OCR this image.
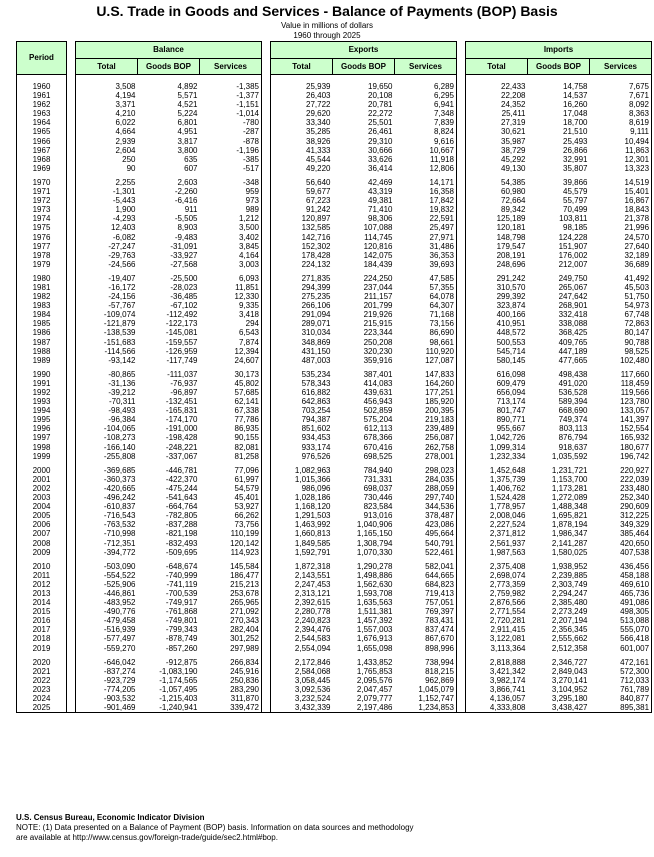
U.S. Trade in Goods and Services - Balance of Payments (BOP) Basis
Value in millions of dollars
1960 through 2025
Period		Balance				Exports				Imports		
		Total	Goods BOP	Services		Total	Goods BOP	Services		Total	Goods BOP	Services

1960		3,508	4,892	-1,385		25,939	19,650	6,289		22,433	14,758	7,675
1961		4,194	5,571	-1,377		26,403	20,108	6,295		22,208	14,537	7,671
1962		3,371	4,521	-1,151		27,722	20,781	6,941		24,352	16,260	8,092
1963		4,210	5,224	-1,014		29,620	22,272	7,348		25,411	17,048	8,363
1964		6,022	6,801	-780		33,340	25,501	7,839		27,319	18,700	8,619
1965		4,664	4,951	-287		35,285	26,461	8,824		30,621	21,510	9,111
1966		2,939	3,817	-878		38,926	29,310	9,616		35,987	25,493	10,494
1967		2,604	3,800	-1,196		41,333	30,666	10,667		38,729	26,866	11,863
1968		250	635	-385		45,544	33,626	11,918		45,292	32,991	12,301
1969		90	607	-517		49,220	36,414	12,806		49,130	35,807	13,323

1970		2,255	2,603	-348		56,640	42,469	14,171		54,385	39,866	14,519
1971		-1,301	-2,260	959		59,677	43,319	16,358		60,980	45,579	15,401
1972		-5,443	-6,416	973		67,223	49,381	17,842		72,664	55,797	16,867
1973		1,900	911	989		91,242	71,410	19,832		89,342	70,499	18,843
1974		-4,293	-5,505	1,212		120,897	98,306	22,591		125,189	103,811	21,378
1975		12,403	8,903	3,500		132,585	107,088	25,497		120,181	98,185	21,996
1976		-6,082	-9,483	3,402		142,716	114,745	27,971		148,798	124,228	24,570
1977		-27,247	-31,091	3,845		152,302	120,816	31,486		179,547	151,907	27,640
1978		-29,763	-33,927	4,164		178,428	142,075	36,353		208,191	176,002	32,189
1979		-24,566	-27,568	3,003		224,132	184,439	39,693		248,696	212,007	36,689

1980		-19,407	-25,500	6,093		271,835	224,250	47,585		291,242	249,750	41,492
1981		-16,172	-28,023	11,851		294,399	237,044	57,355		310,570	265,067	45,503
1982		-24,156	-36,485	12,330		275,235	211,157	64,078		299,392	247,642	51,750
1983		-57,767	-67,102	9,335		266,106	201,799	64,307		323,874	268,901	54,973
1984		-109,074	-112,492	3,418		291,094	219,926	71,168		400,166	332,418	67,748
1985		-121,879	-122,173	294		289,071	215,915	73,156		410,951	338,088	72,863
1986		-138,539	-145,081	6,543		310,034	223,344	86,690		448,572	368,425	80,147
1987		-151,683	-159,557	7,874		348,869	250,208	98,661		500,553	409,765	90,788
1988		-114,566	-126,959	12,394		431,150	320,230	110,920		545,714	447,189	98,525
1989		-93,142	-117,749	24,607		487,003	359,916	127,087		580,145	477,665	102,480

1990		-80,865	-111,037	30,173		535,234	387,401	147,833		616,098	498,438	117,660
1991		-31,136	-76,937	45,802		578,343	414,083	164,260		609,479	491,020	118,459
1992		-39,212	-96,897	57,685		616,882	439,631	177,251		656,094	536,528	119,566
1993		-70,311	-132,451	62,141		642,863	456,943	185,920		713,174	589,394	123,780
1994		-98,493	-165,831	67,338		703,254	502,859	200,395		801,747	668,690	133,057
1995		-96,384	-174,170	77,786		794,387	575,204	219,183		890,771	749,374	141,397
1996		-104,065	-191,000	86,935		851,602	612,113	239,489		955,667	803,113	152,554
1997		-108,273	-198,428	90,155		934,453	678,366	256,087		1,042,726	876,794	165,932
1998		-166,140	-248,221	82,081		933,174	670,416	262,758		1,099,314	918,637	180,677
1999		-255,808	-337,067	81,258		976,526	698,525	278,001		1,232,334	1,035,592	196,742

2000		-369,685	-446,781	77,096		1,082,963	784,940	298,023		1,452,648	1,231,721	220,927
2001		-360,373	-422,370	61,997		1,015,366	731,331	284,035		1,375,739	1,153,700	222,039
2002		-420,665	-475,244	54,579		986,096	698,037	288,059		1,406,762	1,173,281	233,480
2003		-496,242	-541,643	45,401		1,028,186	730,446	297,740		1,524,428	1,272,089	252,340
2004		-610,837	-664,764	53,927		1,168,120	823,584	344,536		1,778,957	1,488,348	290,609
2005		-716,543	-782,805	66,262		1,291,503	913,016	378,487		2,008,046	1,695,821	312,225
2006		-763,532	-837,288	73,756		1,463,992	1,040,906	423,086		2,227,524	1,878,194	349,329
2007		-710,998	-821,198	110,199		1,660,813	1,165,150	495,664		2,371,812	1,986,347	385,464
2008		-712,351	-832,493	120,142		1,849,585	1,308,794	540,791		2,561,937	2,141,287	420,650
2009		-394,772	-509,695	114,923		1,592,791	1,070,330	522,461		1,987,563	1,580,025	407,538

2010		-503,090	-648,674	145,584		1,872,318	1,290,278	582,041		2,375,408	1,938,952	436,456
2011		-554,522	-740,999	186,477		2,143,551	1,498,886	644,665		2,698,074	2,239,885	458,188
2012		-525,906	-741,119	215,213		2,247,453	1,562,630	684,823		2,773,359	2,303,749	469,610
2013		-446,861	-700,539	253,678		2,313,121	1,593,708	719,413		2,759,982	2,294,247	465,736
2014		-483,952	-749,917	265,965		2,392,615	1,635,563	757,051		2,876,566	2,385,480	491,086
2015		-490,776	-761,868	271,092		2,280,778	1,511,381	769,397		2,771,554	2,273,249	498,305
2016		-479,458	-749,801	270,343		2,240,823	1,457,392	783,431		2,720,281	2,207,194	513,088
2017		-516,939	-799,343	282,404		2,394,476	1,557,003	837,474		2,911,415	2,356,345	555,070
2018		-577,497	-878,749	301,252		2,544,583	1,676,913	867,670		3,122,081	2,555,662	566,418
2019		-559,270	-857,260	297,989		2,554,094	1,655,098	898,996		3,113,364	2,512,358	601,007

2020		-646,042	-912,875	266,834		2,172,846	1,433,852	738,994		2,818,888	2,346,727	472,161
2021		-837,274	-1,083,190	245,916		2,584,068	1,765,853	818,215		3,421,342	2,849,043	572,300
2022		-923,729	-1,174,565	250,836		3,058,445	2,095,576	962,869		3,982,174	3,270,141	712,033
2023		-774,205	-1,057,495	283,290		3,092,536	2,047,457	1,045,079		3,866,741	3,104,952	761,789
2024		-903,532	-1,215,403	311,870		3,232,524	2,079,777	1,152,747		4,136,057	3,295,180	840,877
2025		-901,469	-1,240,941	339,472		3,432,339	2,197,486	1,234,853		4,333,808	3,438,427	895,381
U.S. Census Bureau, Economic Indicator Division
NOTE: (1) Data presented on a Balance of Payment (BOP) basis. Information on data sources and methodology
are available at http://www.census.gov/foreign-trade/guide/sec2.html#bop.
